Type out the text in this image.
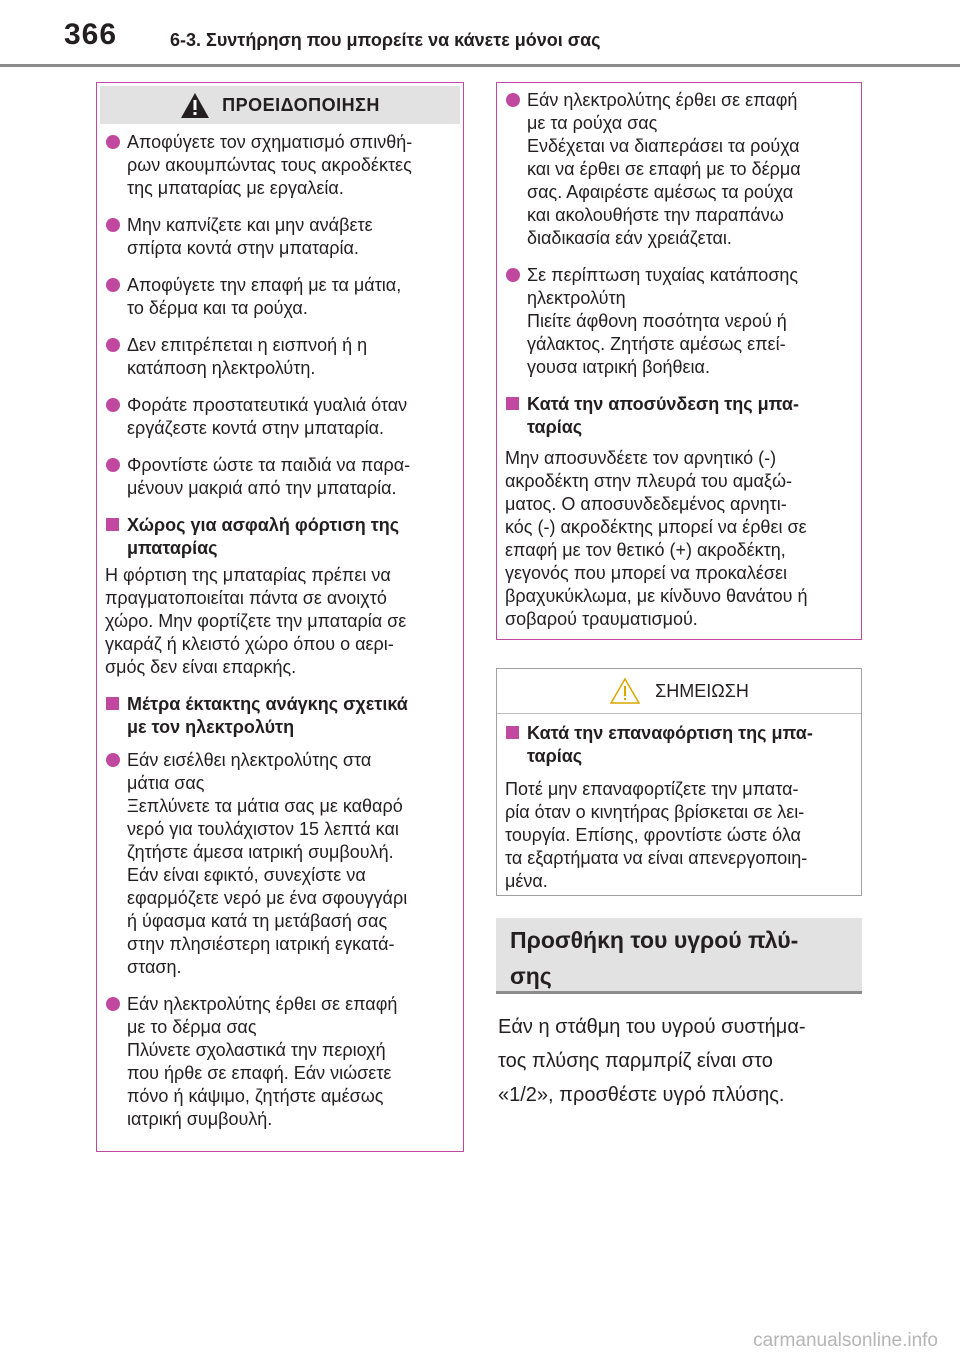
366	6-3. Συντήρηση που μπορείτε να κάνετε μόνοι σας
ΠΡΟΕΙΔΟΠΟΙΗΣΗ
Αποφύγετε τον σχηματισμό σπινθή-
ρων ακουμπώντας τους ακροδέκτες
της μπαταρίας με εργαλεία.
Μην καπνίζετε και μην ανάβετε
σπίρτα κοντά στην μπαταρία.
Αποφύγετε την επαφή με τα μάτια,
το δέρμα και τα ρούχα.
Δεν επιτρέπεται η εισπνοή ή η
κατάποση ηλεκτρολύτη.
Φοράτε προστατευτικά γυαλιά όταν
εργάζεστε κοντά στην μπαταρία.
Φροντίστε ώστε τα παιδιά να παρα-
μένουν μακριά από την μπαταρία.
Χώρος για ασφαλή φόρτιση της
μπαταρίας
Η φόρτιση της μπαταρίας πρέπει να
πραγματοποιείται πάντα σε ανοιχτό
χώρο. Μην φορτίζετε την μπαταρία σε
γκαράζ ή κλειστό χώρο όπου ο αερι-
σμός δεν είναι επαρκής.
Μέτρα έκτακτης ανάγκης σχετικά
με τον ηλεκτρολύτη
Εάν εισέλθει ηλεκτρολύτης στα
μάτια σας
Ξεπλύνετε τα μάτια σας με καθαρό
νερό για τουλάχιστον 15 λεπτά και
ζητήστε άμεσα ιατρική συμβουλή.
Εάν είναι εφικτό, συνεχίστε να
εφαρμόζετε νερό με ένα σφουγγάρι
ή ύφασμα κατά τη μετάβασή σας
στην πλησιέστερη ιατρική εγκατά-
σταση.
Εάν ηλεκτρολύτης έρθει σε επαφή
με το δέρμα σας
Πλύνετε σχολαστικά την περιοχή
που ήρθε σε επαφή. Εάν νιώσετε
πόνο ή κάψιμο, ζητήστε αμέσως
ιατρική συμβουλή.
Εάν ηλεκτρολύτης έρθει σε επαφή
με τα ρούχα σας
Ενδέχεται να διαπεράσει τα ρούχα
και να έρθει σε επαφή με το δέρμα
σας. Αφαιρέστε αμέσως τα ρούχα
και ακολουθήστε την παραπάνω
διαδικασία εάν χρειάζεται.
Σε περίπτωση τυχαίας κατάποσης
ηλεκτρολύτη
Πιείτε άφθονη ποσότητα νερού ή
γάλακτος. Ζητήστε αμέσως επεί-
γουσα ιατρική βοήθεια.
Κατά την αποσύνδεση της μπα-
ταρίας
Μην αποσυνδέετε τον αρνητικό (-)
ακροδέκτη στην πλευρά του αμαξώ-
ματος. Ο αποσυνδεδεμένος αρνητι-
κός (-) ακροδέκτης μπορεί να έρθει σε
επαφή με τον θετικό (+) ακροδέκτη,
γεγονός που μπορεί να προκαλέσει
βραχυκύκλωμα, με κίνδυνο θανάτου ή
σοβαρού τραυματισμού.
ΣΗΜΕΙΩΣΗ
Κατά την επαναφόρτιση της μπα-
ταρίας
Ποτέ μην επαναφορτίζετε την μπατα-
ρία όταν ο κινητήρας βρίσκεται σε λει-
τουργία. Επίσης, φροντίστε ώστε όλα
τα εξαρτήματα να είναι απενεργοποιη-
μένα.
Προσθήκη του υγρού πλύ-
σης
Εάν η στάθμη του υγρού συστήμα-
τος πλύσης παρμπρίζ είναι στο
«1/2», προσθέστε υγρό πλύσης.
carmanualsonline.info
